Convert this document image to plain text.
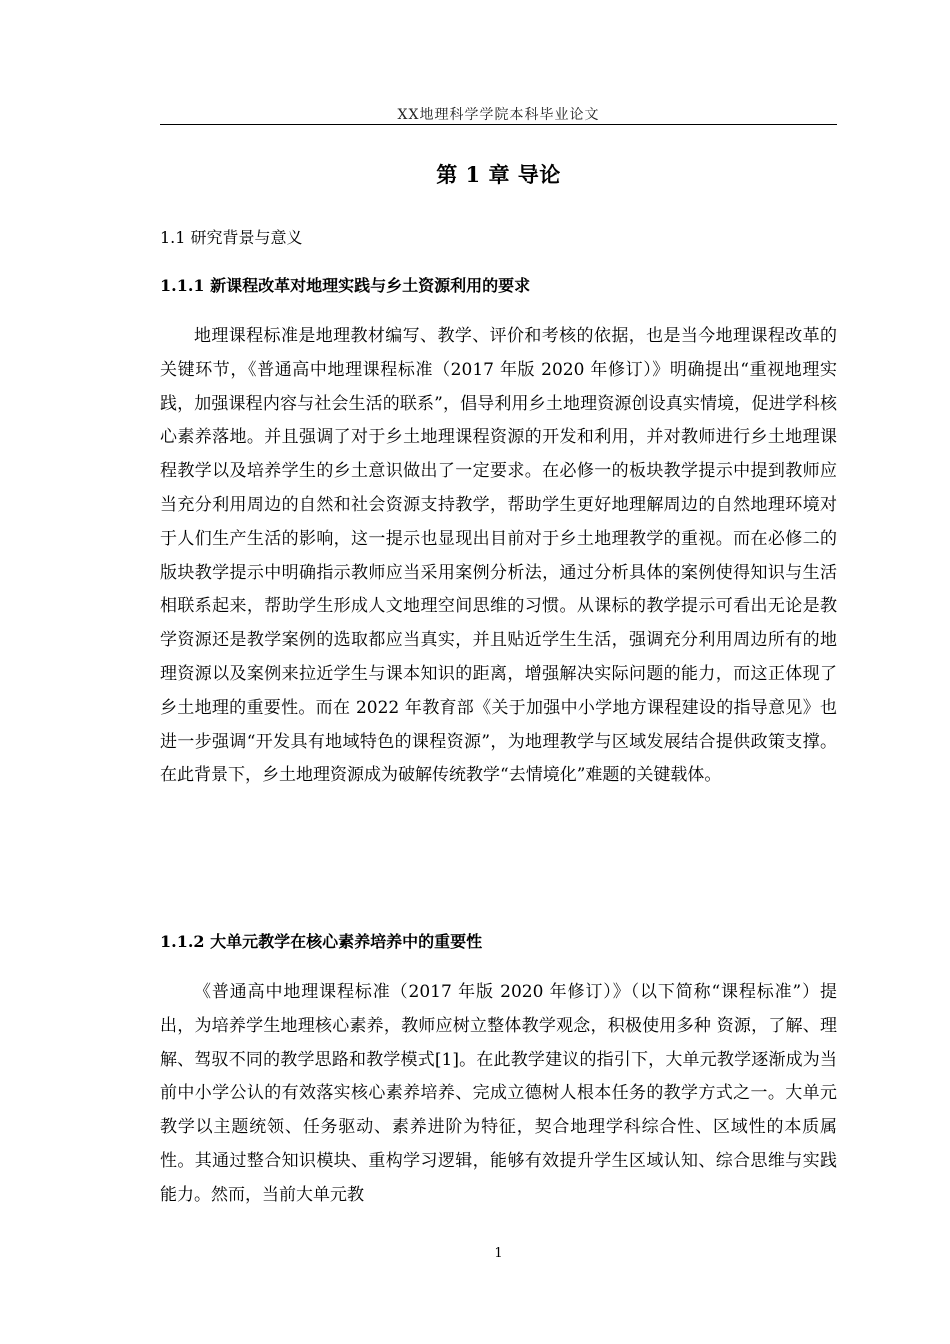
XX地理科学学院本科毕业论文
第 1 章 导论
1.1 研究背景与意义
1.1.1 新课程改革对地理实践与乡土资源利用的要求

地理课程标准是地理教材编写、教学、评价和考核的依据，也是当今地理课程改革的关键环节，《普通高中地理课程标准（2017 年版 2020 年修订）》明确提出“重视地理实践，加强课程内容与社会生活的联系”，倡导利用乡土地理资源创设真实情境，促进学科核心素养落地。并且强调了对于乡土地理课程资源的开发和利用，并对教师进行乡土地理课程教学以及培养学生的乡土意识做出了一定要求。在必修一的板块教学提示中提到教师应当充分利用周边的自然和社会资源支持教学，帮助学生更好地理解周边的自然地理环境对于人们生产生活的影响，这一提示也显现出目前对于乡土地理教学的重视。而在必修二的版块教学提示中明确指示教师应当采用案例分析法，通过分析具体的案例使得知识与生活相联系起来，帮助学生形成人文地理空间思维的习惯。从课标的教学提示可看出无论是教学资源还是教学案例的选取都应当真实，并且贴近学生生活，强调充分利用周边所有的地理资源以及案例来拉近学生与课本知识的距离，增强解决实际问题的能力，而这正体现了乡土地理的重要性。而在 2022 年教育部《关于加强中小学地方课程建设的指导意见》也进一步强调“开发具有地域特色的课程资源”，为地理教学与区域发展结合提供政策支撑。在此背景下，乡土地理资源成为破解传统教学“去情境化”难题的关键载体。

1.1.2 大单元教学在核心素养培养中的重要性

《普通高中地理课程标准（2017 年版 2020 年修订）》（以下简称“课程标准”）提出，为培养学生地理核心素养，教师应树立整体教学观念，积极使用多种 资源，了解、理解、驾驭不同的教学思路和教学模式[1]。在此教学建议的指引下，大单元教学逐渐成为当前中小学公认的有效落实核心素养培养、完成立德树人根本任务的教学方式之一。大单元教学以主题统领、任务驱动、素养进阶为特征，契合地理学科综合性、区域性的本质属性。其通过整合知识模块、重构学习逻辑，能够有效提升学生区域认知、综合思维与实践能力。然而，当前大单元教

1
